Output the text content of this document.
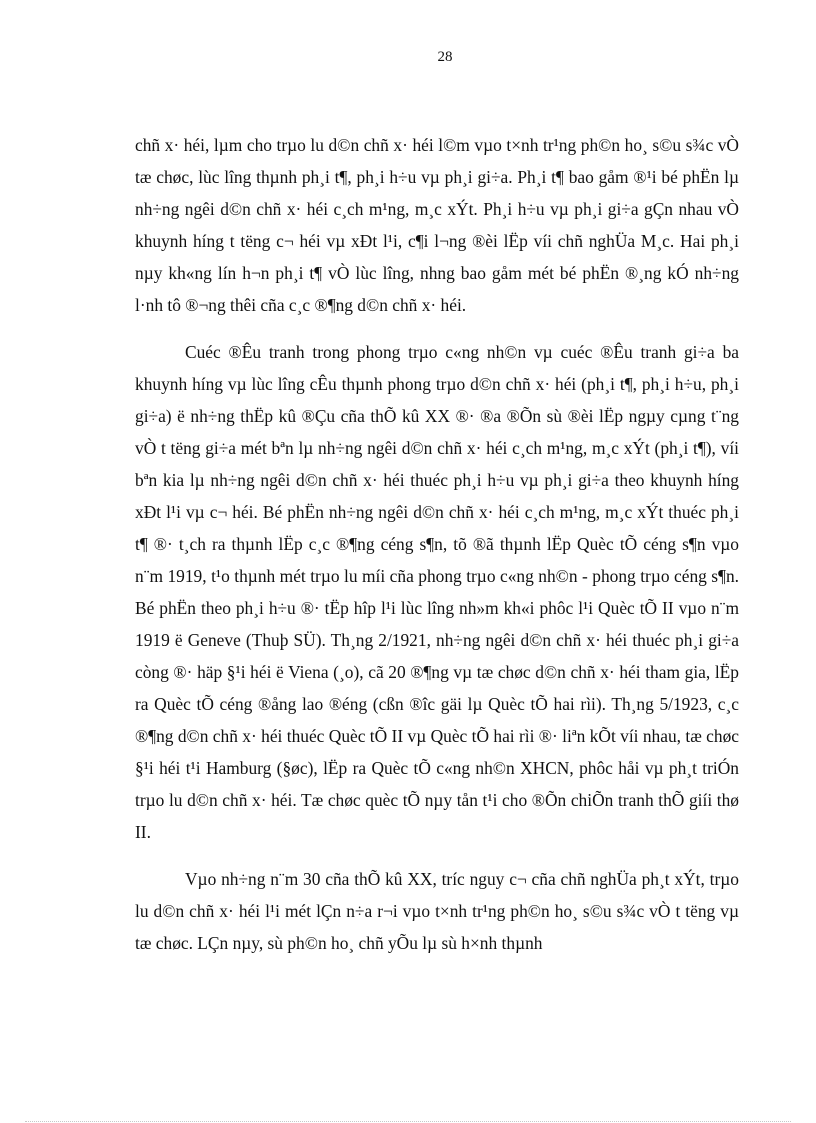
28

chñ x· héi, lµm cho trµo lu d©n chñ x· héi l©m vµo t×nh tr¹ng ph©n ho¸ s©u s¾c vÒ tæ chøc, lùc lîng thµnh ph¸i t¶, ph¸i h÷u vµ ph¸i gi÷a. Ph¸i t¶ bao gåm ®¹i bé phËn lµ nh÷ng ngêi d©n chñ x· héi c¸ch m¹ng, m¸c xÝt. Ph¸i h÷u vµ ph¸i gi÷a gÇn nhau vÒ khuynh híng t tëng c¬ héi vµ xÐt l¹i, c¶i l¬ng ®èi lËp víi chñ nghÜa M¸c. Hai ph¸i nµy kh«ng lín h¬n ph¸i t¶ vÒ lùc lîng, nhng bao gåm mét bé phËn ®¸ng kÓ nh÷ng l·nh tô ®¬ng thêi cña c¸c ®¶ng d©n chñ x· héi.

Cuéc ®Êu tranh trong phong trµo c«ng nh©n vµ cuéc ®Êu tranh gi÷a ba khuynh híng vµ lùc lîng cÊu thµnh phong trµo d©n chñ x· héi (ph¸i t¶, ph¸i h÷u, ph¸i gi÷a) ë nh÷ng thËp kû ®Çu cña thÕ kû XX ®· ®a ®Õn sù ®èi lËp ngµy cµng t¨ng vÒ t tëng gi÷a mét bªn lµ nh÷ng ngêi d©n chñ x· héi c¸ch m¹ng, m¸c xÝt (ph¸i t¶), víi bªn kia lµ nh÷ng ngêi d©n chñ x· héi thuéc ph¸i h÷u vµ ph¸i gi÷a theo khuynh híng xÐt l¹i vµ c¬ héi. Bé phËn nh÷ng ngêi d©n chñ x· héi c¸ch m¹ng, m¸c xÝt thuéc ph¸i t¶ ®· t¸ch ra thµnh lËp c¸c ®¶ng céng s¶n, tõ ®ã thµnh lËp Quèc tÕ céng s¶n vµo n¨m 1919, t¹o thµnh mét trµo lu míi cña phong trµo c«ng nh©n - phong trµo céng s¶n. Bé phËn theo ph¸i h÷u ®· tËp hîp l¹i lùc lîng nh»m kh«i phôc l¹i Quèc tÕ II vµo n¨m 1919 ë Geneve (Thuþ SÜ). Th¸ng 2/1921, nh÷ng ngêi d©n chñ x· héi thuéc ph¸i gi÷a còng ®· häp §¹i héi ë Viena (¸o), cã 20 ®¶ng vµ tæ chøc d©n chñ x· héi tham gia, lËp ra Quèc tÕ céng ®ång lao ®éng (cßn ®îc gäi lµ Quèc tÕ hai rìi). Th¸ng 5/1923, c¸c ®¶ng d©n chñ x· héi thuéc Quèc tÕ II vµ Quèc tÕ hai rìi ®· liªn kÕt víi nhau, tæ chøc §¹i héi t¹i Hamburg (§øc), lËp ra Quèc tÕ c«ng nh©n XHCN, phôc håi vµ ph¸t triÓn trµo lu d©n chñ x· héi. Tæ chøc quèc tÕ nµy tån t¹i cho ®Õn chiÕn tranh thÕ giíi thø II.

Vµo nh÷ng n¨m 30 cña thÕ kû XX, tríc nguy c¬ cña chñ nghÜa ph¸t xÝt, trµo lu d©n chñ x· héi l¹i mét lÇn n÷a r¬i vµo t×nh tr¹ng ph©n ho¸ s©u s¾c vÒ t tëng vµ tæ chøc. LÇn nµy, sù ph©n ho¸ chñ yÕu lµ sù h×nh thµnh
